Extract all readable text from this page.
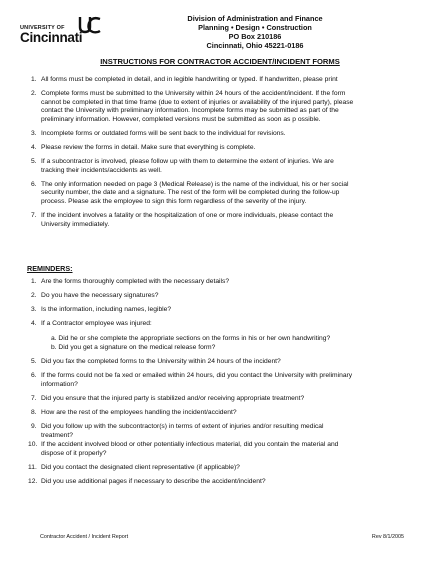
UNIVERSITY OF
Cincinnati
Division of Administration and Finance
Planning • Design • Construction
PO Box 210186
Cincinnati, Ohio 45221-0186
INSTRUCTIONS FOR CONTRACTOR ACCIDENT/INCIDENT FORMS
1. All forms must be completed in detail, and in legible handwriting or typed. If handwritten, please print
2. Complete forms must be submitted to the University within 24 hours of the accident/incident. If the form
cannot be completed in that time frame (due to extent of injuries or availability of the injured party), please
contact the University with preliminary information. Incomplete forms may be submitted as part of the
preliminary information. However, completed versions must be submitted as soon as p ossible.
3. Incomplete forms or outdated forms will be sent back to the individual for revisions.
4. Please review the forms in detail. Make sure that everything is complete.
5. If a subcontractor is involved, please follow up with them to determine the extent of injuries. We are
tracking their incidents/accidents as well.
6. The only information needed on page 3 (Medical Release) is the name of the individual, his or her social
security number, the date and a signature. The rest of the form will be completed during the follow-up
process. Please ask the employee to sign this form regardless of the severity of the injury.
7. If the incident involves a fatality or the hospitalization of one or more individuals, please contact the
University immediately.
REMINDERS:
1. Are the forms thoroughly completed with the necessary details?
2. Do you have the necessary signatures?
3. Is the information, including names, legible?
4. If a Contractor employee was injured:
a. Did he or she complete the appropriate sections on the forms in his or her own handwriting?
b. Did you get a signature on the medical release form?
5. Did you fax the completed forms to the University within 24 hours of the incident?
6. If the forms could not be fa xed or emailed within 24 hours, did you contact the University with preliminary
information?
7. Did you ensure that the injured party is stabilized and/or receiving appropriate treatment?
8. How are the rest of the employees handling the incident/accident?
9. Did you follow up with the subcontractor(s) in terms of extent of injuries and/or resulting medical
treatment?
10. If the accident involved blood or other potentially infectious material, did you contain the material and
dispose of it properly?
11. Did you contact the designated client representative (if applicable)?
12. Did you use additional pages if necessary to describe the accident/incident?
Contractor Accident / Incident Report	Rev 8/1/2005
